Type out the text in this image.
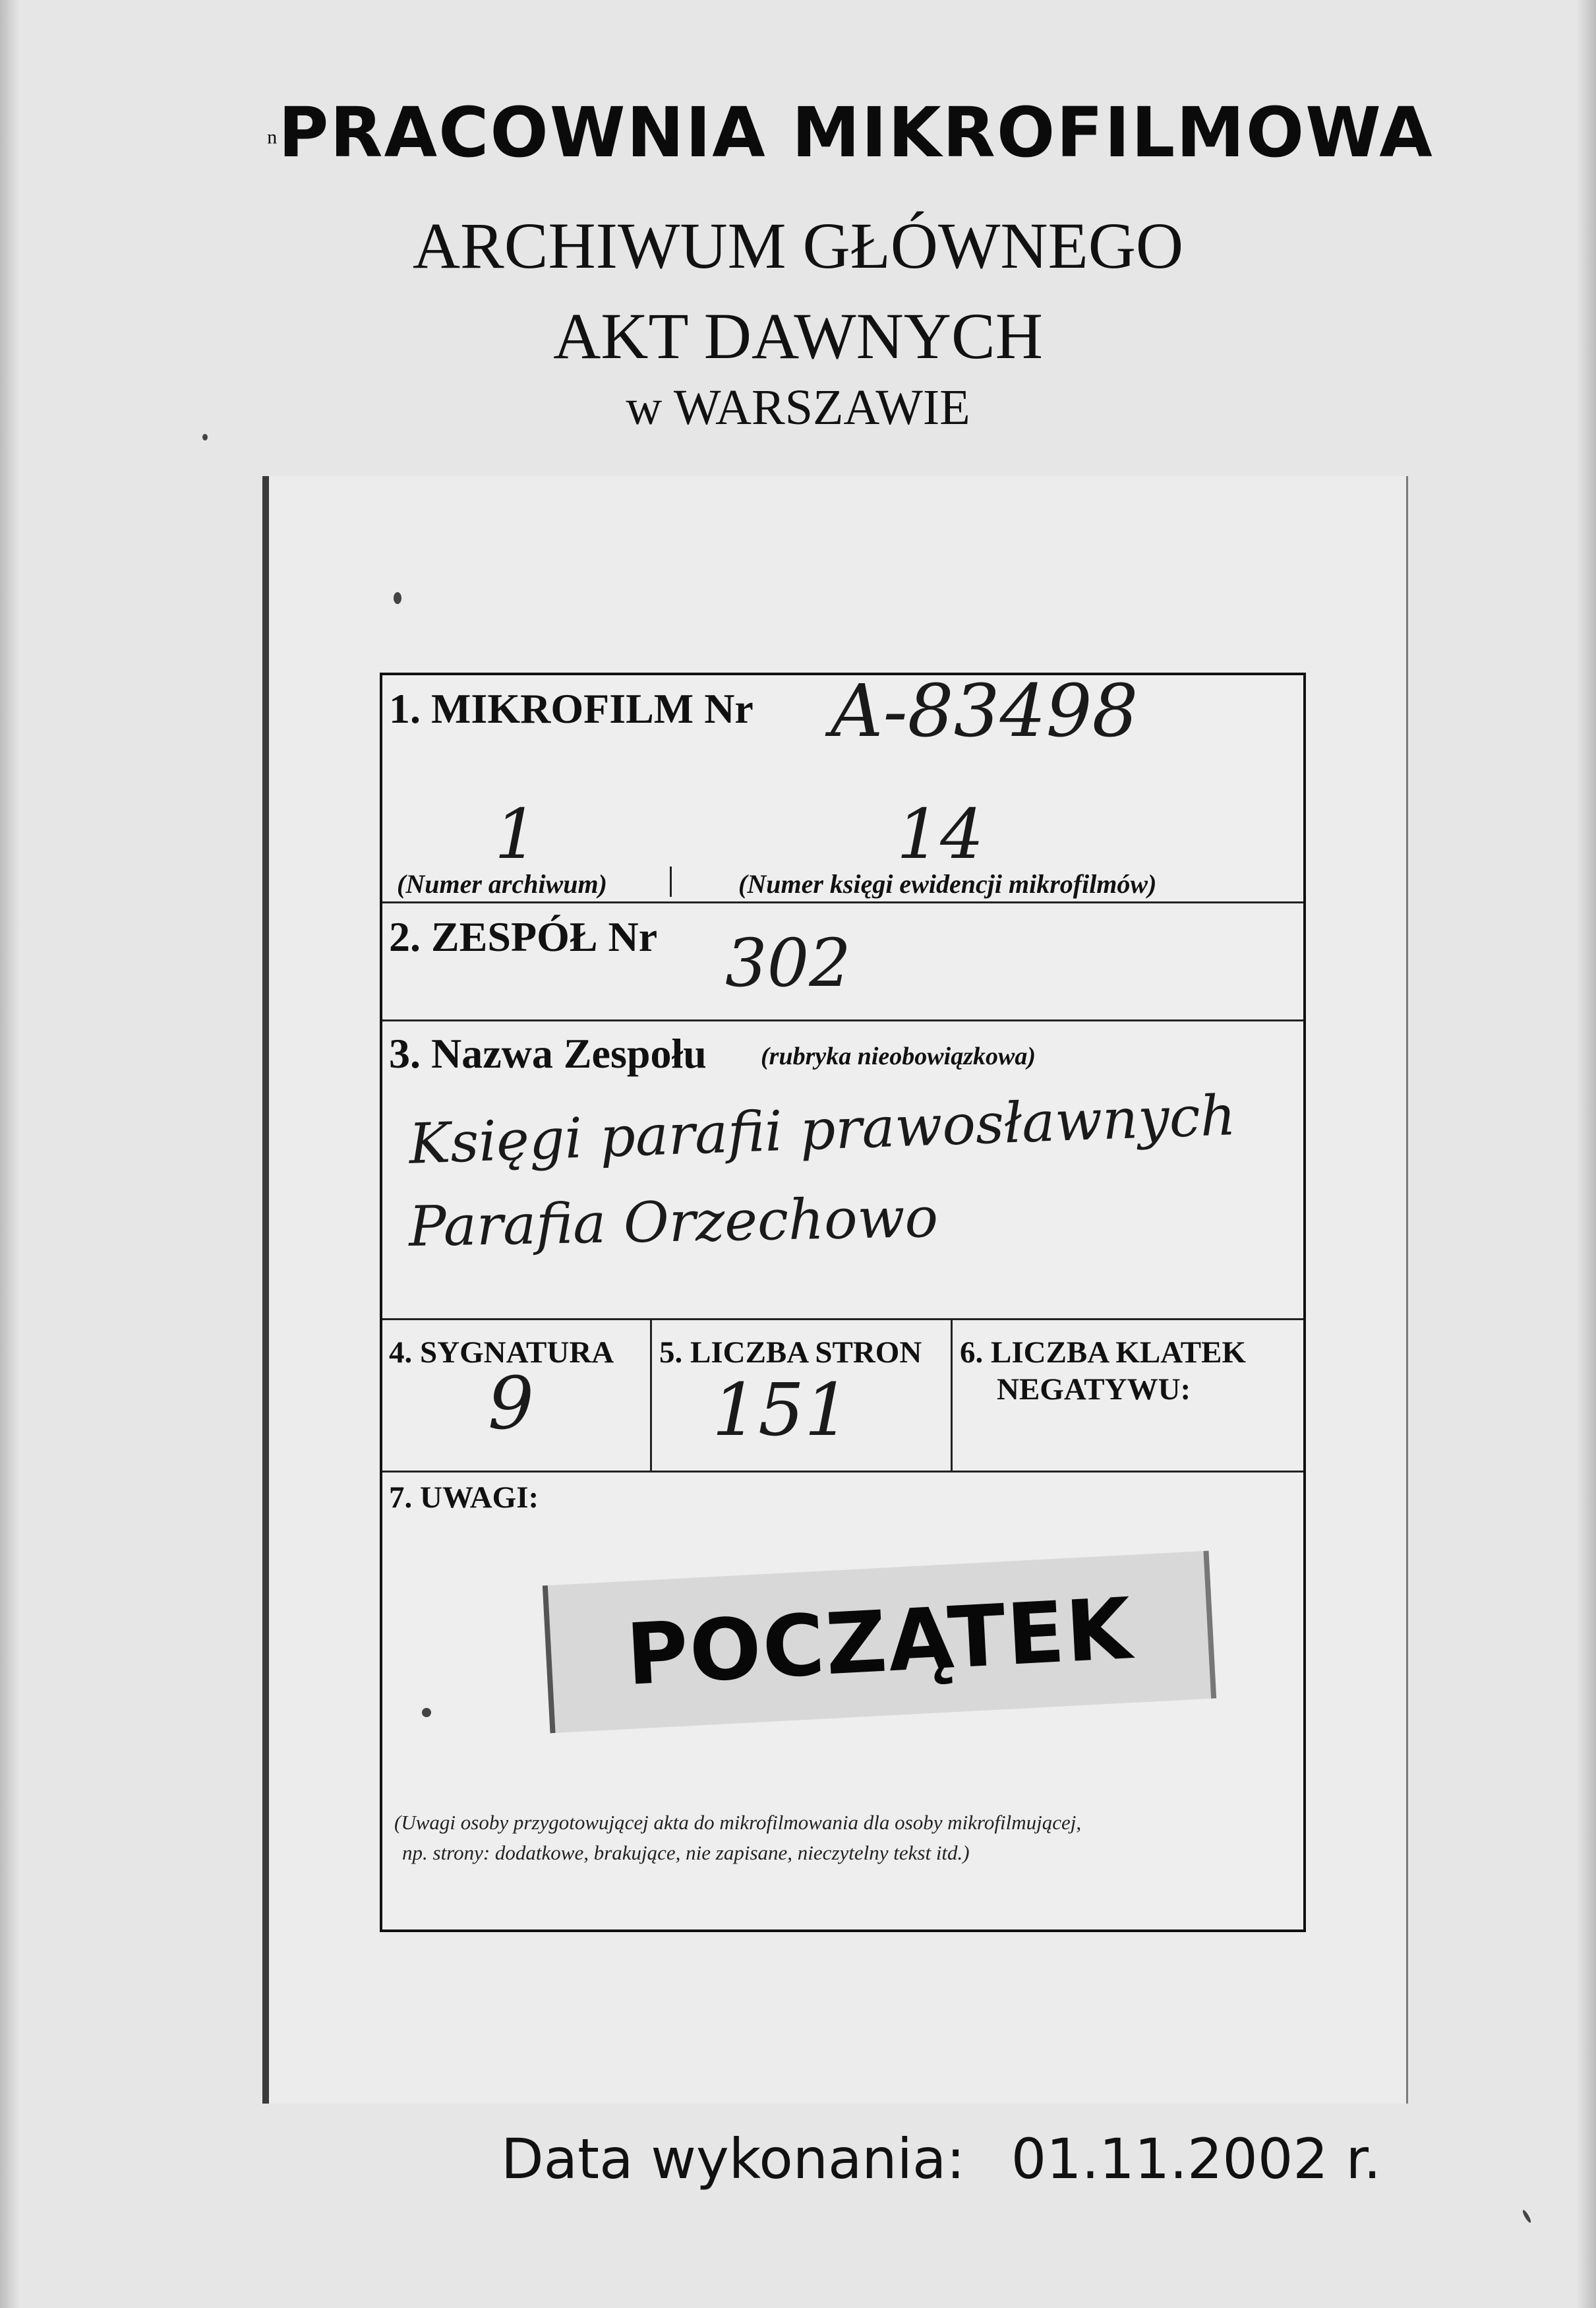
nPRACOWNIA MIKROFILMOWA
ARCHIWUM GŁÓWNEGO
AKT DAWNYCH
w WARSZAWIE
1. MIKROFILM Nr A-83498
1	14
(Numer archiwum)	(Numer księgi ewidencji mikrofilmów)
2. ZESPÓŁ Nr 302
3. Nazwa Zespołu (rubryka nieobowiązkowa)
Księgi parafii prawosławnych
Parafia Orzechowo
4. SYGNATURA
9
5. LICZBA STRON
151
6. LICZBA KLATEK
NEGATYWU:
7. UWAGI:
(Uwagi osoby przygotowującej akta do mikrofilmowania dla osoby mikrofilmującej,
np. strony: dodatkowe, brakujące, nie zapisane, nieczytelny tekst itd.)
POCZĄTEK
Data wykonania: 01.11.2002 r.
